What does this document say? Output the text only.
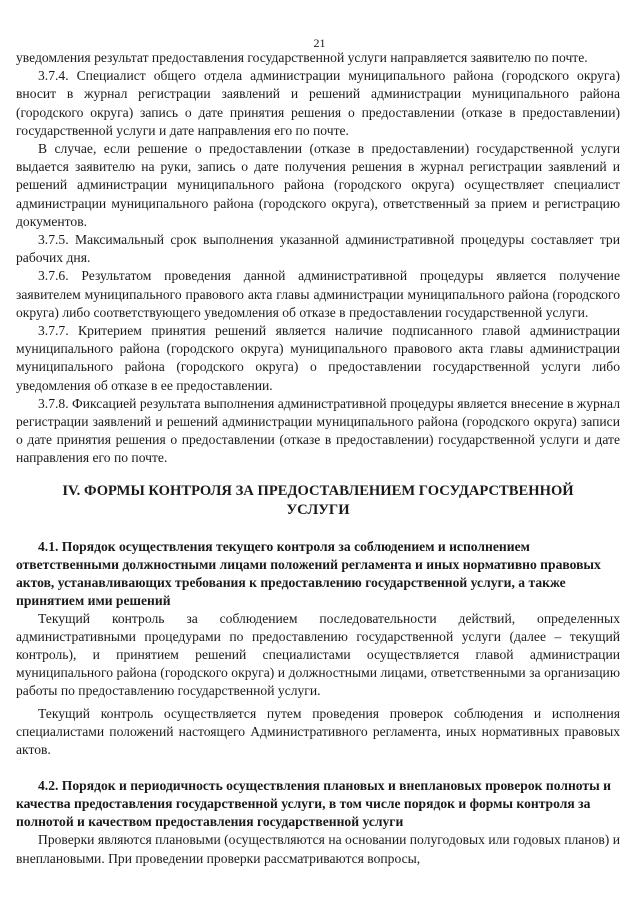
21

уведомления результат предоставления государственной услуги направляется заявителю по почте.

3.7.4. Специалист общего отдела администрации муниципального района (городского округа) вносит в журнал регистрации заявлений и решений администрации муниципального района (городского округа) запись о дате принятия решения о предоставлении (отказе в предоставлении) государственной услуги и дате направления его по почте.

В случае, если решение о предоставлении (отказе в предоставлении) государственной услуги выдается заявителю на руки, запись о дате получения решения в журнал регистрации заявлений и решений администрации муниципального района (городского округа) осуществляет специалист администрации муниципального района (городского округа), ответственный за прием и регистрацию документов.

3.7.5. Максимальный срок выполнения указанной административной процедуры составляет три рабочих дня.

3.7.6. Результатом проведения данной административной процедуры является получение заявителем муниципального правового акта главы администрации муниципального района (городского округа) либо соответствующего уведомления об отказе в предоставлении государственной услуги.

3.7.7. Критерием принятия решений является наличие подписанного главой администрации муниципального района (городского округа) муниципального правового акта главы администрации муниципального района (городского округа) о предоставлении государственной услуги либо уведомления об отказе в ее предоставлении.

3.7.8. Фиксацией результата выполнения административной процедуры является внесение в журнал регистрации заявлений и решений администрации муниципального района (городского округа) записи о дате принятия решения о предоставлении (отказе в предоставлении) государственной услуги и дате направления его по почте.

IV. ФОРМЫ КОНТРОЛЯ ЗА ПРЕДОСТАВЛЕНИЕМ ГОСУДАРСТВЕННОЙ УСЛУГИ
4.1. Порядок осуществления текущего контроля за соблюдением и исполнением ответственными должностными лицами положений регламента и иных нормативно правовых актов, устанавливающих требования к предоставлению государственной услуги, а также принятием ими решений

Текущий контроль за соблюдением последовательности действий, определенных административными процедурами по предоставлению государственной услуги (далее – текущий контроль), и принятием решений специалистами осуществляется главой администрации муниципального района (городского округа) и должностными лицами, ответственными за организацию работы по предоставлению государственной услуги.

Текущий контроль осуществляется путем проведения проверок соблюдения и исполнения специалистами положений настоящего Административного регламента, иных нормативных правовых актов.

4.2. Порядок и периодичность осуществления плановых и внеплановых проверок полноты и качества предоставления государственной услуги, в том числе порядок и формы контроля за полнотой и качеством предоставления государственной услуги

Проверки являются плановыми (осуществляются на основании полугодовых или годовых планов) и внеплановыми. При проведении проверки рассматриваются вопросы,
